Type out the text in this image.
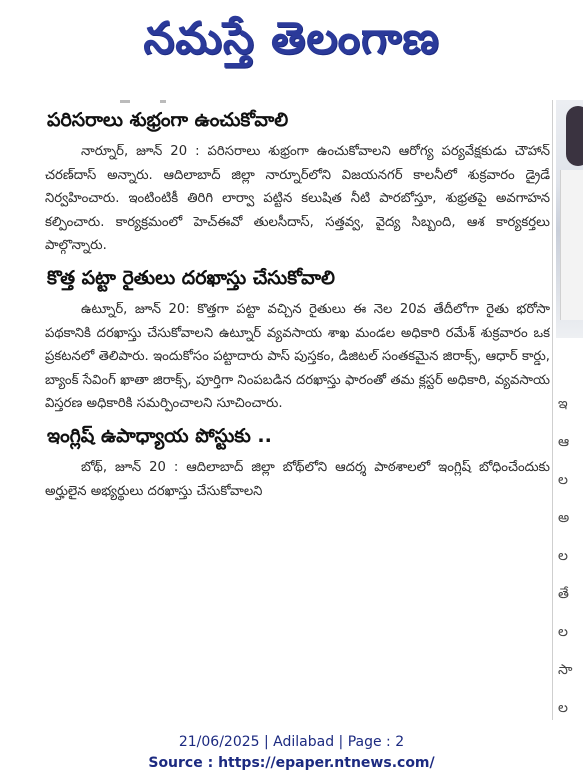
నమస్తే తెలంగాణ
పరిసరాలు శుభ్రంగా ఉంచుకోవాలి

నార్నూర్, జూన్ 20 : పరిసరాలు శుభ్రంగా ఉంచుకోవాలని ఆరోగ్య పర్యవేక్షకుడు చౌహాన్ చరణ్‌దాస్ అన్నారు. ఆదిలాబాద్ జిల్లా నార్నూర్‌లోని విజయనగర్ కాలనీలో శుక్రవారం డ్రైడే నిర్వహించారు. ఇంటింటికీ తిరిగి లార్వా పట్టిన కలుషిత నీటి పారబోస్తూ, శుభ్రతపై అవగాహన కల్పించారు. కార్యక్రమంలో హెచ్ఈవో తులసీదాస్, సత్తవ్వ, వైద్య సిబ్బంది, ఆశ కార్యకర్తలు పాల్గొన్నారు.

కొత్త పట్టా రైతులు దరఖాస్తు చేసుకోవాలి

ఉట్నూర్, జూన్ 20: కొత్తగా పట్టా వచ్చిన రైతులు ఈ నెల 20వ తేదీలోగా రైతు భరోసా పథకానికి దరఖాస్తు చేసుకోవాలని ఉట్నూర్ వ్యవసాయ శాఖ మండల అధికారి రమేశ్ శుక్రవారం ఒక ప్రకటనలో తెలిపారు. ఇందుకోసం పట్టాదారు పాస్ పుస్తకం, డిజిటల్ సంతకమైన జిరాక్స్, ఆధార్ కార్డు, బ్యాంక్ సేవింగ్ ఖాతా జిరాక్స్, పూర్తిగా నింపబడిన దరఖాస్తు ఫారంతో తమ క్లస్టర్ అధికారి, వ్యవసాయ విస్తరణ అధికారికి సమర్పించాలని సూచించారు.

ఇంగ్లిష్ ఉపాధ్యాయ పోస్టుకు ..

బోథ్, జూన్ 20 : ఆదిలాబాద్ జిల్లా బోథ్‌లోని ఆదర్శ పాఠశాలలో ఇంగ్లిష్ బోధించేందుకు అర్హులైన అభ్యర్థులు దరఖాస్తు చేసుకోవాలని

ఇ
ఆ
ల
అ
ల
తే
ల
సా
ల
21/06/2025 | Adilabad | Page : 2
Source : https://epaper.ntnews.com/
